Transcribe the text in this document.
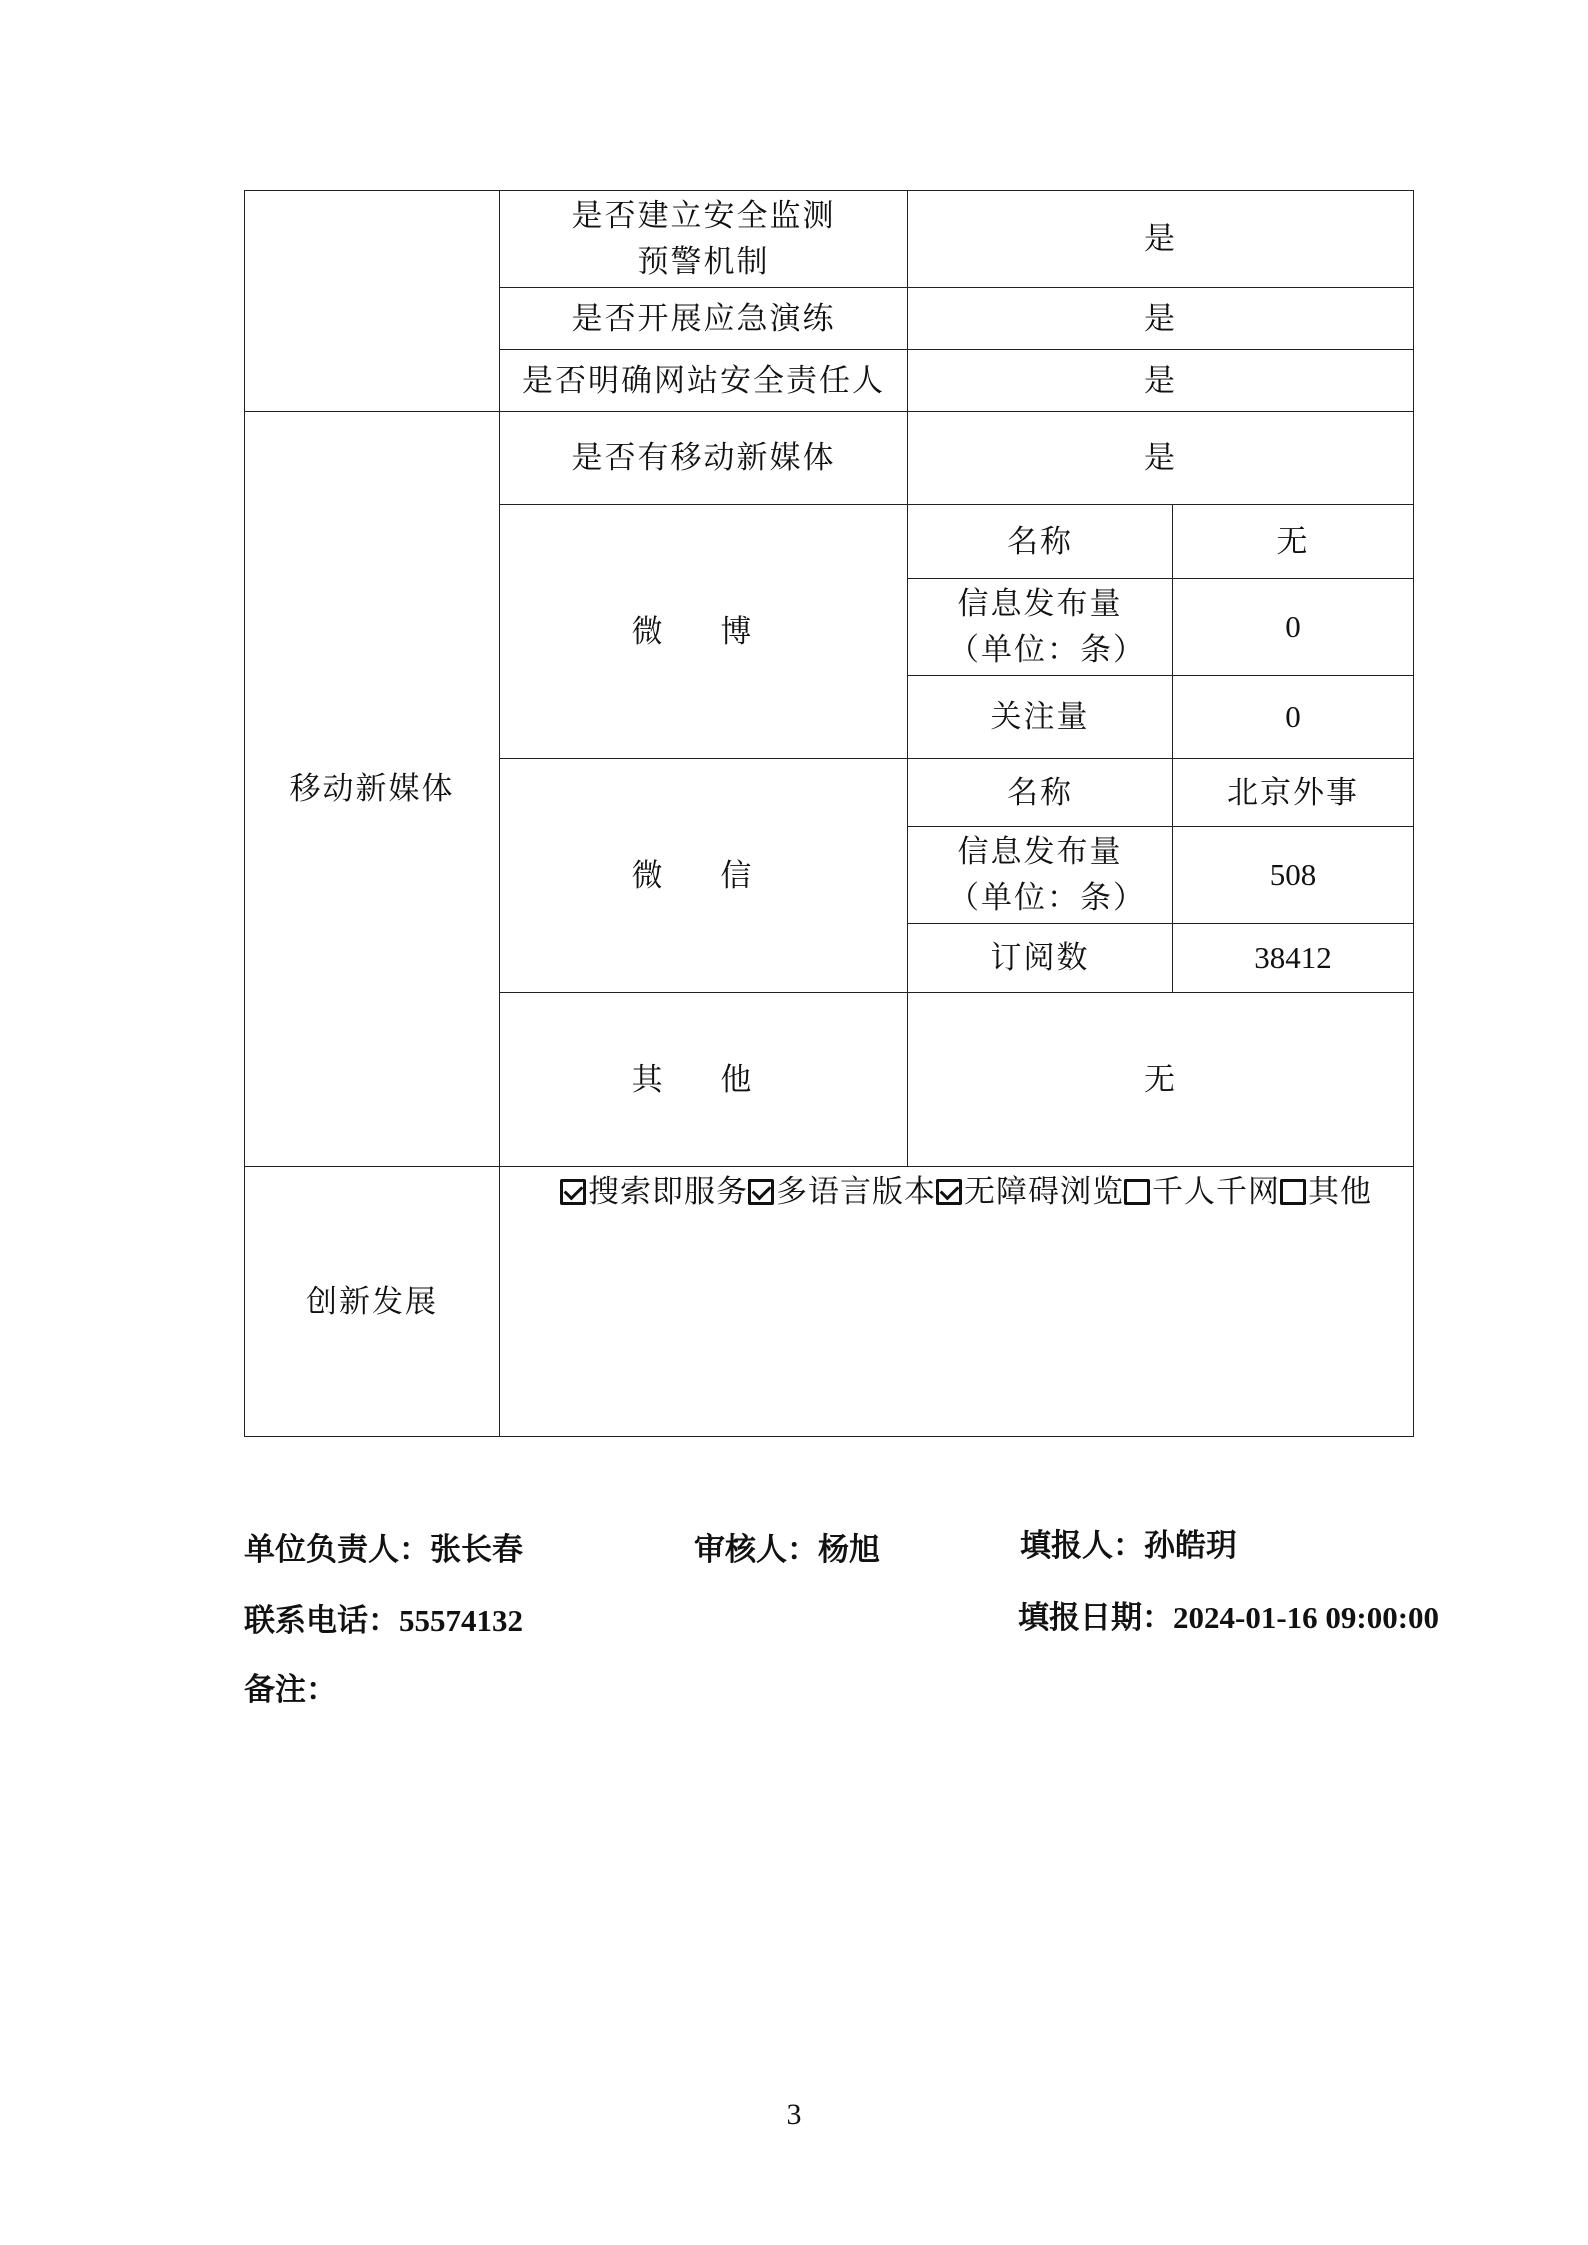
	是否建立安全监测预警机制	是	
	是否开展应急演练	是	
	是否明确网站安全责任人	是	
移动新媒体	是否有移动新媒体	是	
	微 博	名称	无
		信息发布量（单位：条）	0
		关注量	0
	微 信	名称	北京外事
		信息发布量（单位：条）	508
		订阅数	38412
	其 他	无	

创新发展	搜索即服务 多语言版本 无障碍浏览 千人千网 其他		
单位负责人：张长春	审核人：杨旭	填报人：孙皓玥
联系电话：55574132	填报日期：2024-01-16 09:00:00
备注：
3
